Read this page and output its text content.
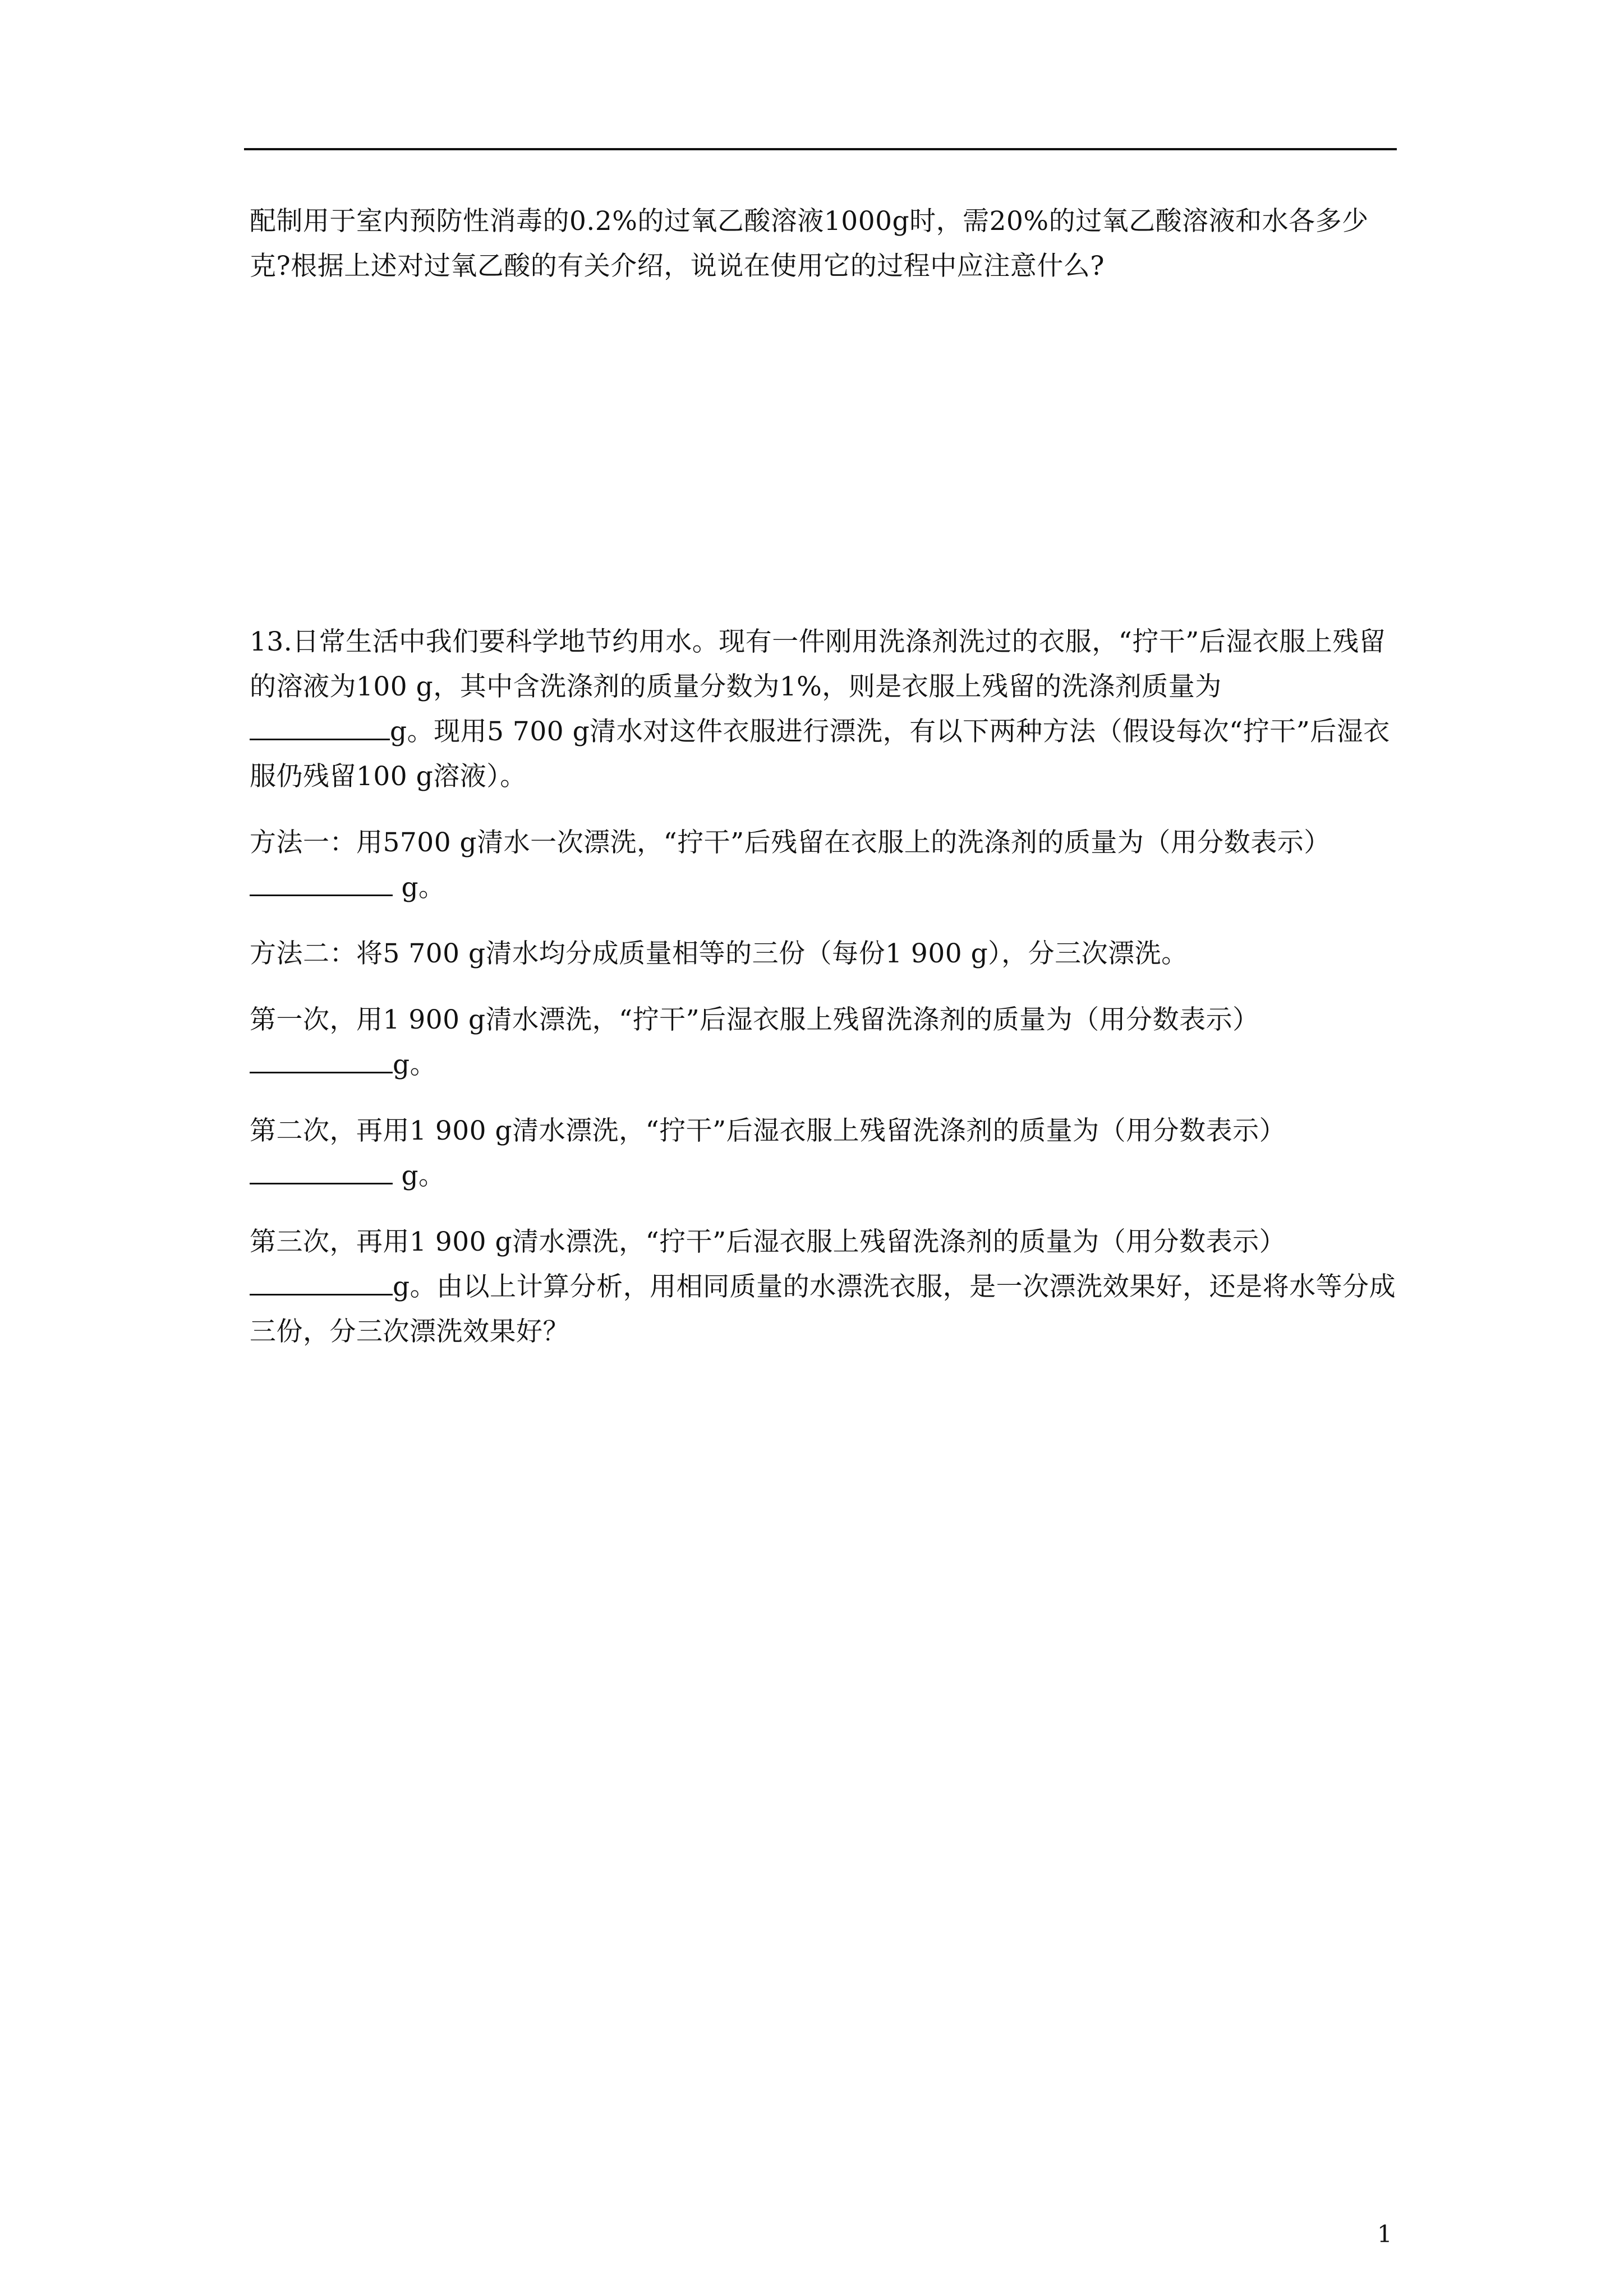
配制用于室内预防性消毒的0.2%的过氧乙酸溶液1000g时，需20%的过氧乙酸溶液和水各多少克?根据上述对过氧乙酸的有关介绍，说说在使用它的过程中应注意什么?

13.日常生活中我们要科学地节约用水。现有一件刚用洗涤剂洗过的衣服，“拧干”后湿衣服上残留的溶液为100 g，其中含洗涤剂的质量分数为1%，则是衣服上残留的洗涤剂质量为
g。现用5 700 g清水对这件衣服进行漂洗，有以下两种方法（假设每次“拧干”后湿衣服仍残留100 g溶液）。

方法一：用5700 g清水一次漂洗，“拧干”后残留在衣服上的洗涤剂的质量为（用分数表示） g。

方法二：将5 700 g清水均分成质量相等的三份（每份1 900 g），分三次漂洗。

第一次，用1 900 g清水漂洗，“拧干”后湿衣服上残留洗涤剂的质量为（用分数表示）
g。

第二次，再用1 900 g清水漂洗，“拧干”后湿衣服上残留洗涤剂的质量为（用分数表示）
g。

第三次，再用1 900 g清水漂洗，“拧干”后湿衣服上残留洗涤剂的质量为（用分数表示）
g。由以上计算分析，用相同质量的水漂洗衣服，是一次漂洗效果好，还是将水等分成三份，分三次漂洗效果好？

1
